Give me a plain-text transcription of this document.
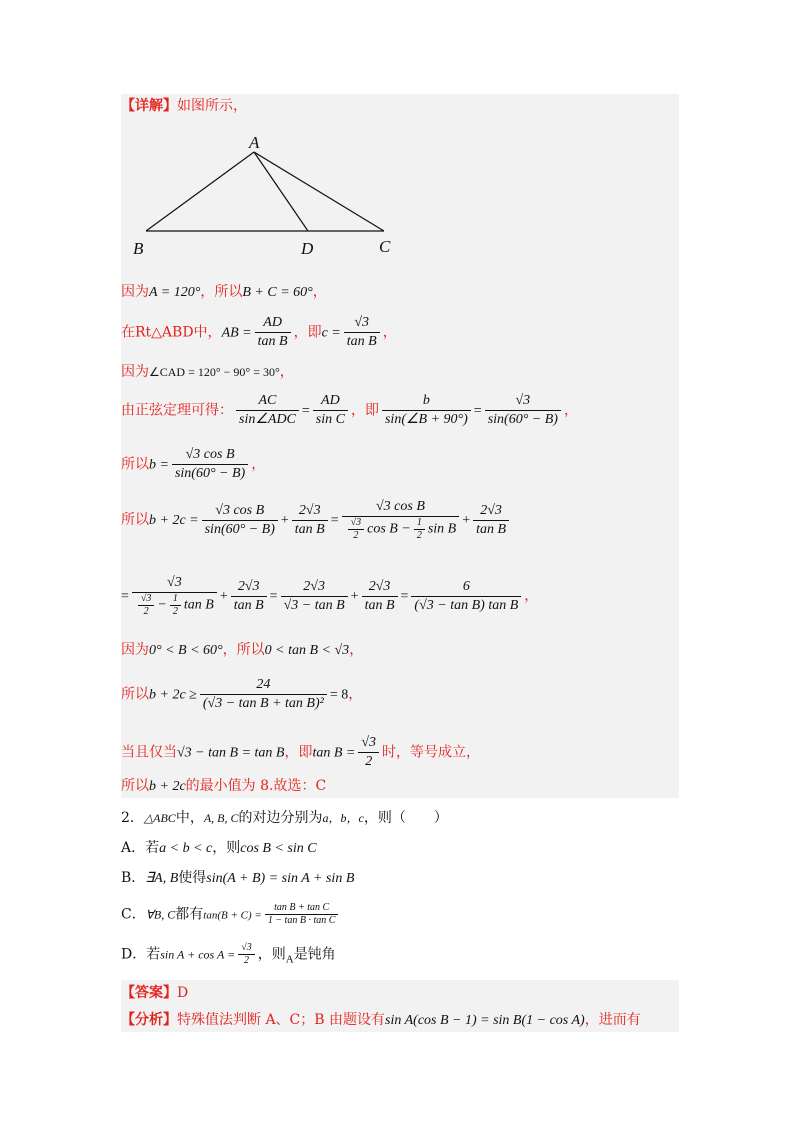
【详解】如图所示，
A
B	D	C
因为A = 120°，所以B + C = 60°，
在Rt△ABD中，AB = $\frac{AD}{\text{tan B}}$ ，即$c = \frac{√3}{\text{tan B}}$ ，
因为∠CAD = 120° − 90° = 30°，
由正弦定理可得： $\frac{AC}{\text{sin∠ADC}} = \frac{AD}{\text{sin C}}$ ，即 $\frac{b}{\sin(\angle B + 90^\circ)} = \frac{√3}{\sin(60^\circ - B)}$ ，
所以$b = \frac{\text{√3 cos B}}{\sin(60^\circ - B)}$ ，
所以$b + 2c = \frac{\text{√3 cos B}}{\sin(60^\circ - B)} + \frac{2√3}{\text{tan B}} = \frac{\text{√3 cos B}}{\frac{√3}{2} \cos B - \frac{1}{2} \sin B} + \frac{2√3}{\text{tan B}}$
= $\frac{√3}{\frac{√3}{2} - \frac{1}{2} \tan B} + \frac{2√3}{\text{tan B}} = \frac{2√3}{\text{√3 − tan B}} + \frac{2√3}{\text{tan B}} = \frac{6}{\text{(√3 − tan B) tan B}}$ ，
因为0° < B < 60°，所以0 < tan B < √3，
所以$b + 2c \ge \frac{24}{\text{(√3 − tan B + tan B)²}} = 8$，
当且仅当√3 − tan B = tan B，即$\tan B = \frac{√3}{2}$ 时，等号成立，
所以b + 2c的最小值为 8.故选：C
2．△ABC中，A, B, C的对边分别为a，b，c，则（　　）
A．若a < b < c，则cos B < sin C
B．∃A, B使得sin(A + B) = sin A + sin B
C．∀B, C都有$\tan(B + C) = \frac{\text{tan B + tan C}}{\text{1 − tan B · tan C}}$
D．若$\sin A + \cos A = \frac{√3}{2}$ ，则$_A$是钝角
【答案】D
【分析】特殊值法判断 A、C；B 由题设有sin A(cos B − 1) = sin B(1 − cos A)，进而有
